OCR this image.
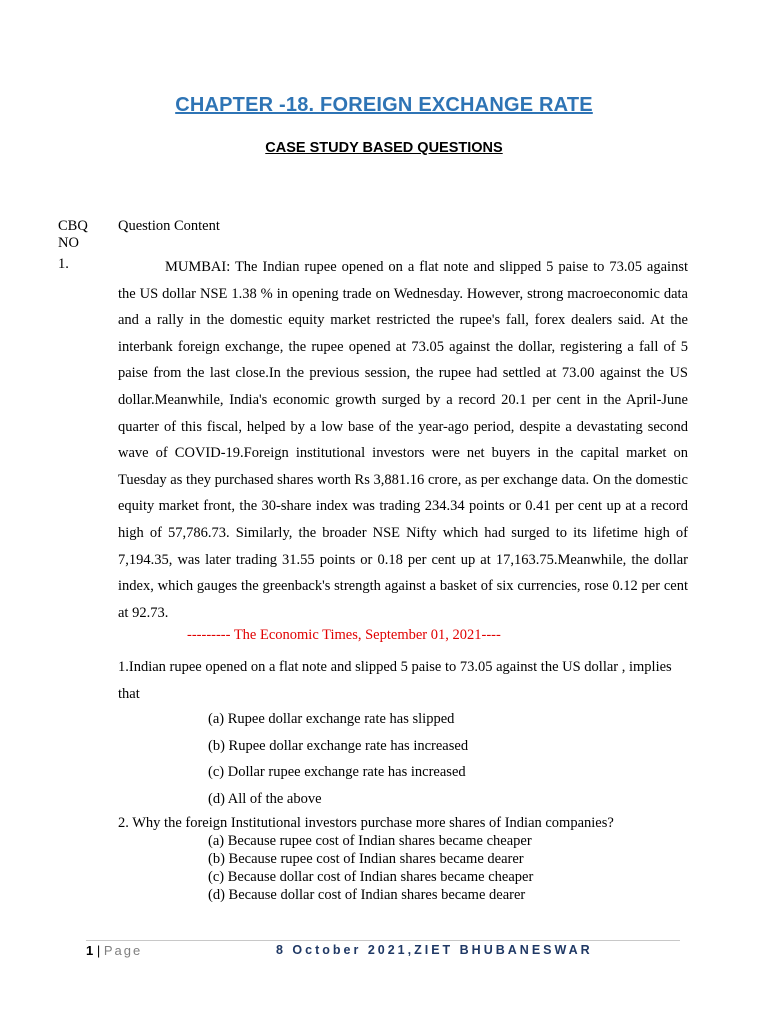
CHAPTER -18. FOREIGN EXCHANGE RATE
CASE STUDY BASED QUESTIONS
CBQ
NO
Question Content
1.	MUMBAI: The Indian rupee opened on a flat note and slipped 5 paise to 73.05 against the US dollar NSE 1.38 % in opening trade on Wednesday. However, strong macroeconomic data and a rally in the domestic equity market restricted the rupee's fall, forex dealers said. At the interbank foreign exchange, the rupee opened at 73.05 against the dollar, registering a fall of 5 paise from the last close.In the previous session, the rupee had settled at 73.00 against the US dollar.Meanwhile, India's economic growth surged by a record 20.1 per cent in the April-June quarter of this fiscal, helped by a low base of the year-ago period, despite a devastating second wave of COVID-19.Foreign institutional investors were net buyers in the capital market on Tuesday as they purchased shares worth Rs 3,881.16 crore, as per exchange data. On the domestic equity market front, the 30-share index was trading 234.34 points or 0.41 per cent up at a record high of 57,786.73. Similarly, the broader NSE Nifty which had surged to its lifetime high of 7,194.35, was later trading 31.55 points or 0.18 per cent up at 17,163.75.Meanwhile, the dollar index, which gauges the greenback's strength against a basket of six currencies, rose 0.12 per cent at 92.73.
--------- The Economic Times, September 01, 2021----
1.Indian rupee opened on a flat note and slipped 5 paise to 73.05 against the US dollar , implies that
(a) Rupee dollar exchange rate has slipped
(b) Rupee dollar exchange rate has increased
(c) Dollar rupee exchange rate has increased
(d) All of the above
2. Why the foreign Institutional investors purchase more shares of Indian companies?
(a) Because rupee cost of Indian shares became cheaper
(b) Because rupee cost of Indian shares became dearer
(c) Because dollar cost of Indian shares became cheaper
(d) Because dollar cost of Indian shares became dearer
1 | Page	8 October 2021,ZIET BHUBANESWAR
